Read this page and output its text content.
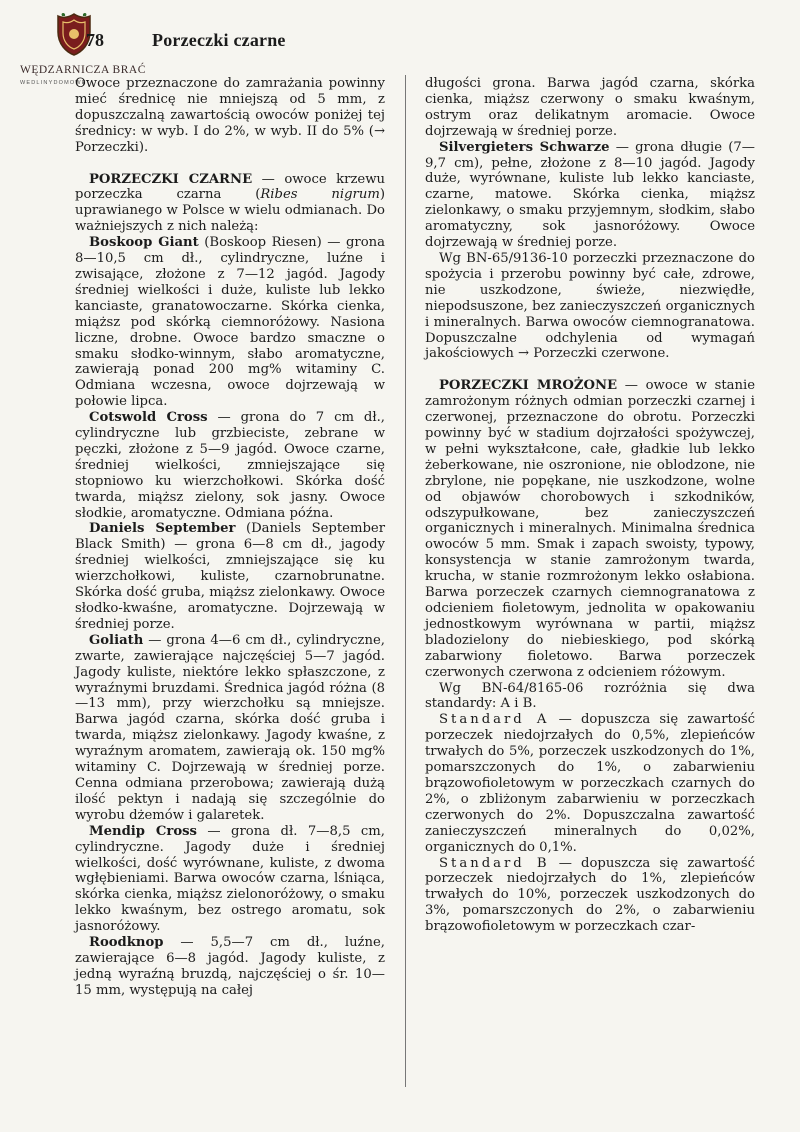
WĘDZARNICZA BRAĆ
WEDLINYDOMOWE
78	Porzeczki czarne

Owoce przeznaczone do zamrażania powinny mieć średnicę nie mniejszą od 5 mm, z dopuszczalną zawartością owoców poniżej tej średnicy: w wyb. I do 2%, w wyb. II do 5% (→ Porzeczki).

PORZECZKI CZARNE — owoce krzewu porzeczka czarna (Ribes nigrum) uprawianego w Polsce w wielu odmianach. Do ważniejszych z nich należą:

Boskoop Giant (Boskoop Riesen) — grona 8—10,5 cm dł., cylindryczne, luźne i zwisające, złożone z 7—12 jagód. Jagody średniej wielkości i duże, kuliste lub lekko kanciaste, granatowoczarne. Skórka cienka, miąższ pod skórką ciemnoróżowy. Nasiona liczne, drobne. Owoce bardzo smaczne o smaku słodko-winnym, słabo aromatyczne, zawierają ponad 200 mg% witaminy C. Odmiana wczesna, owoce dojrzewają w połowie lipca.

Cotswold Cross — grona do 7 cm dł., cylindryczne lub grzbieciste, zebrane w pęczki, złożone z 5—9 jagód. Owoce czarne, średniej wielkości, zmniejszające się stopniowo ku wierzchołkowi. Skórka dość twarda, miąższ zielony, sok jasny. Owoce słodkie, aromatyczne. Odmiana późna.

Daniels September (Daniels September Black Smith) — grona 6—8 cm dł., jagody średniej wielkości, zmniejszające się ku wierzchołkowi, kuliste, czarnobrunatne. Skórka dość gruba, miąższ zielonkawy. Owoce słodko-kwaśne, aromatyczne. Dojrzewają w średniej porze.

Goliath — grona 4—6 cm dł., cylindryczne, zwarte, zawierające najczęściej 5—7 jagód. Jagody kuliste, niektóre lekko spłaszczone, z wyraźnymi bruzdami. Średnica jagód różna (8—13 mm), przy wierzchołku są mniejsze. Barwa jagód czarna, skórka dość gruba i twarda, miąższ zielonkawy. Jagody kwaśne, z wyraźnym aromatem, zawierają ok. 150 mg% witaminy C. Dojrzewają w średniej porze. Cenna odmiana przerobowa; zawierają dużą ilość pektyn i nadają się szczególnie do wyrobu dżemów i galaretek.

Mendip Cross — grona dł. 7—8,5 cm, cylindryczne. Jagody duże i średniej wielkości, dość wyrównane, kuliste, z dwoma wgłębieniami. Barwa owoców czarna, lśniąca, skórka cienka, miąższ zielonoróżowy, o smaku lekko kwaśnym, bez ostrego aromatu, sok jasnoróżowy.

Roodknop — 5,5—7 cm dł., luźne, zawierające 6—8 jagód. Jagody kuliste, z jedną wyraźną bruzdą, najczęściej o śr. 10—15 mm, występują na całej

długości grona. Barwa jagód czarna, skórka cienka, miąższ czerwony o smaku kwaśnym, ostrym oraz delikatnym aromacie. Owoce dojrzewają w średniej porze.

Silvergieters Schwarze — grona długie (7—9,7 cm), pełne, złożone z 8—10 jagód. Jagody duże, wyrównane, kuliste lub lekko kanciaste, czarne, matowe. Skórka cienka, miąższ zielonkawy, o smaku przyjemnym, słodkim, słabo aromatyczny, sok jasnoróżowy. Owoce dojrzewają w średniej porze.

Wg BN-65/9136-10 porzeczki przeznaczone do spożycia i przerobu powinny być całe, zdrowe, nie uszkodzone, świeże, niezwiędłe, niepodsuszone, bez zanieczyszczeń organicznych i mineralnych. Barwa owoców ciemnogranatowa. Dopuszczalne odchylenia od wymagań jakościowych → Porzeczki czerwone.

PORZECZKI MROŻONE — owoce w stanie zamrożonym różnych odmian porzeczki czarnej i czerwonej, przeznaczone do obrotu. Porzeczki powinny być w stadium dojrzałości spożywczej, w pełni wykształcone, całe, gładkie lub lekko żeberkowane, nie oszronione, nie oblodzone, nie zbrylone, nie popękane, nie uszkodzone, wolne od objawów chorobowych i szkodników, odszypułkowane, bez zanieczyszczeń organicznych i mineralnych. Minimalna średnica owoców 5 mm. Smak i zapach swoisty, typowy, konsystencja w stanie zamrożonym twarda, krucha, w stanie rozmrożonym lekko osłabiona. Barwa porzeczek czarnych ciemnogranatowa z odcieniem fioletowym, jednolita w opakowaniu jednostkowym wyrównana w partii, miąższ bladozielony do niebieskiego, pod skórką zabarwiony fioletowo. Barwa porzeczek czerwonych czerwona z odcieniem różowym.

Wg BN-64/8165-06 rozróżnia się dwa standardy: A i B.

Standard A — dopuszcza się zawartość porzeczek niedojrzałych do 0,5%, zlepieńców trwałych do 5%, porzeczek uszkodzonych do 1%, pomarszczonych do 1%, o zabarwieniu brązowofioletowym w porzeczkach czarnych do 2%, o zbliżonym zabarwieniu w porzeczkach czerwonych do 2%. Dopuszczalna zawartość zanieczyszczeń mineralnych do 0,02%, organicznych do 0,1%.

Standard B — dopuszcza się zawartość porzeczek niedojrzałych do 1%, zlepieńców trwałych do 10%, porzeczek uszkodzonych do 3%, pomarszczonych do 2%, o zabarwieniu brązowofioletowym w porzeczkach czar-
